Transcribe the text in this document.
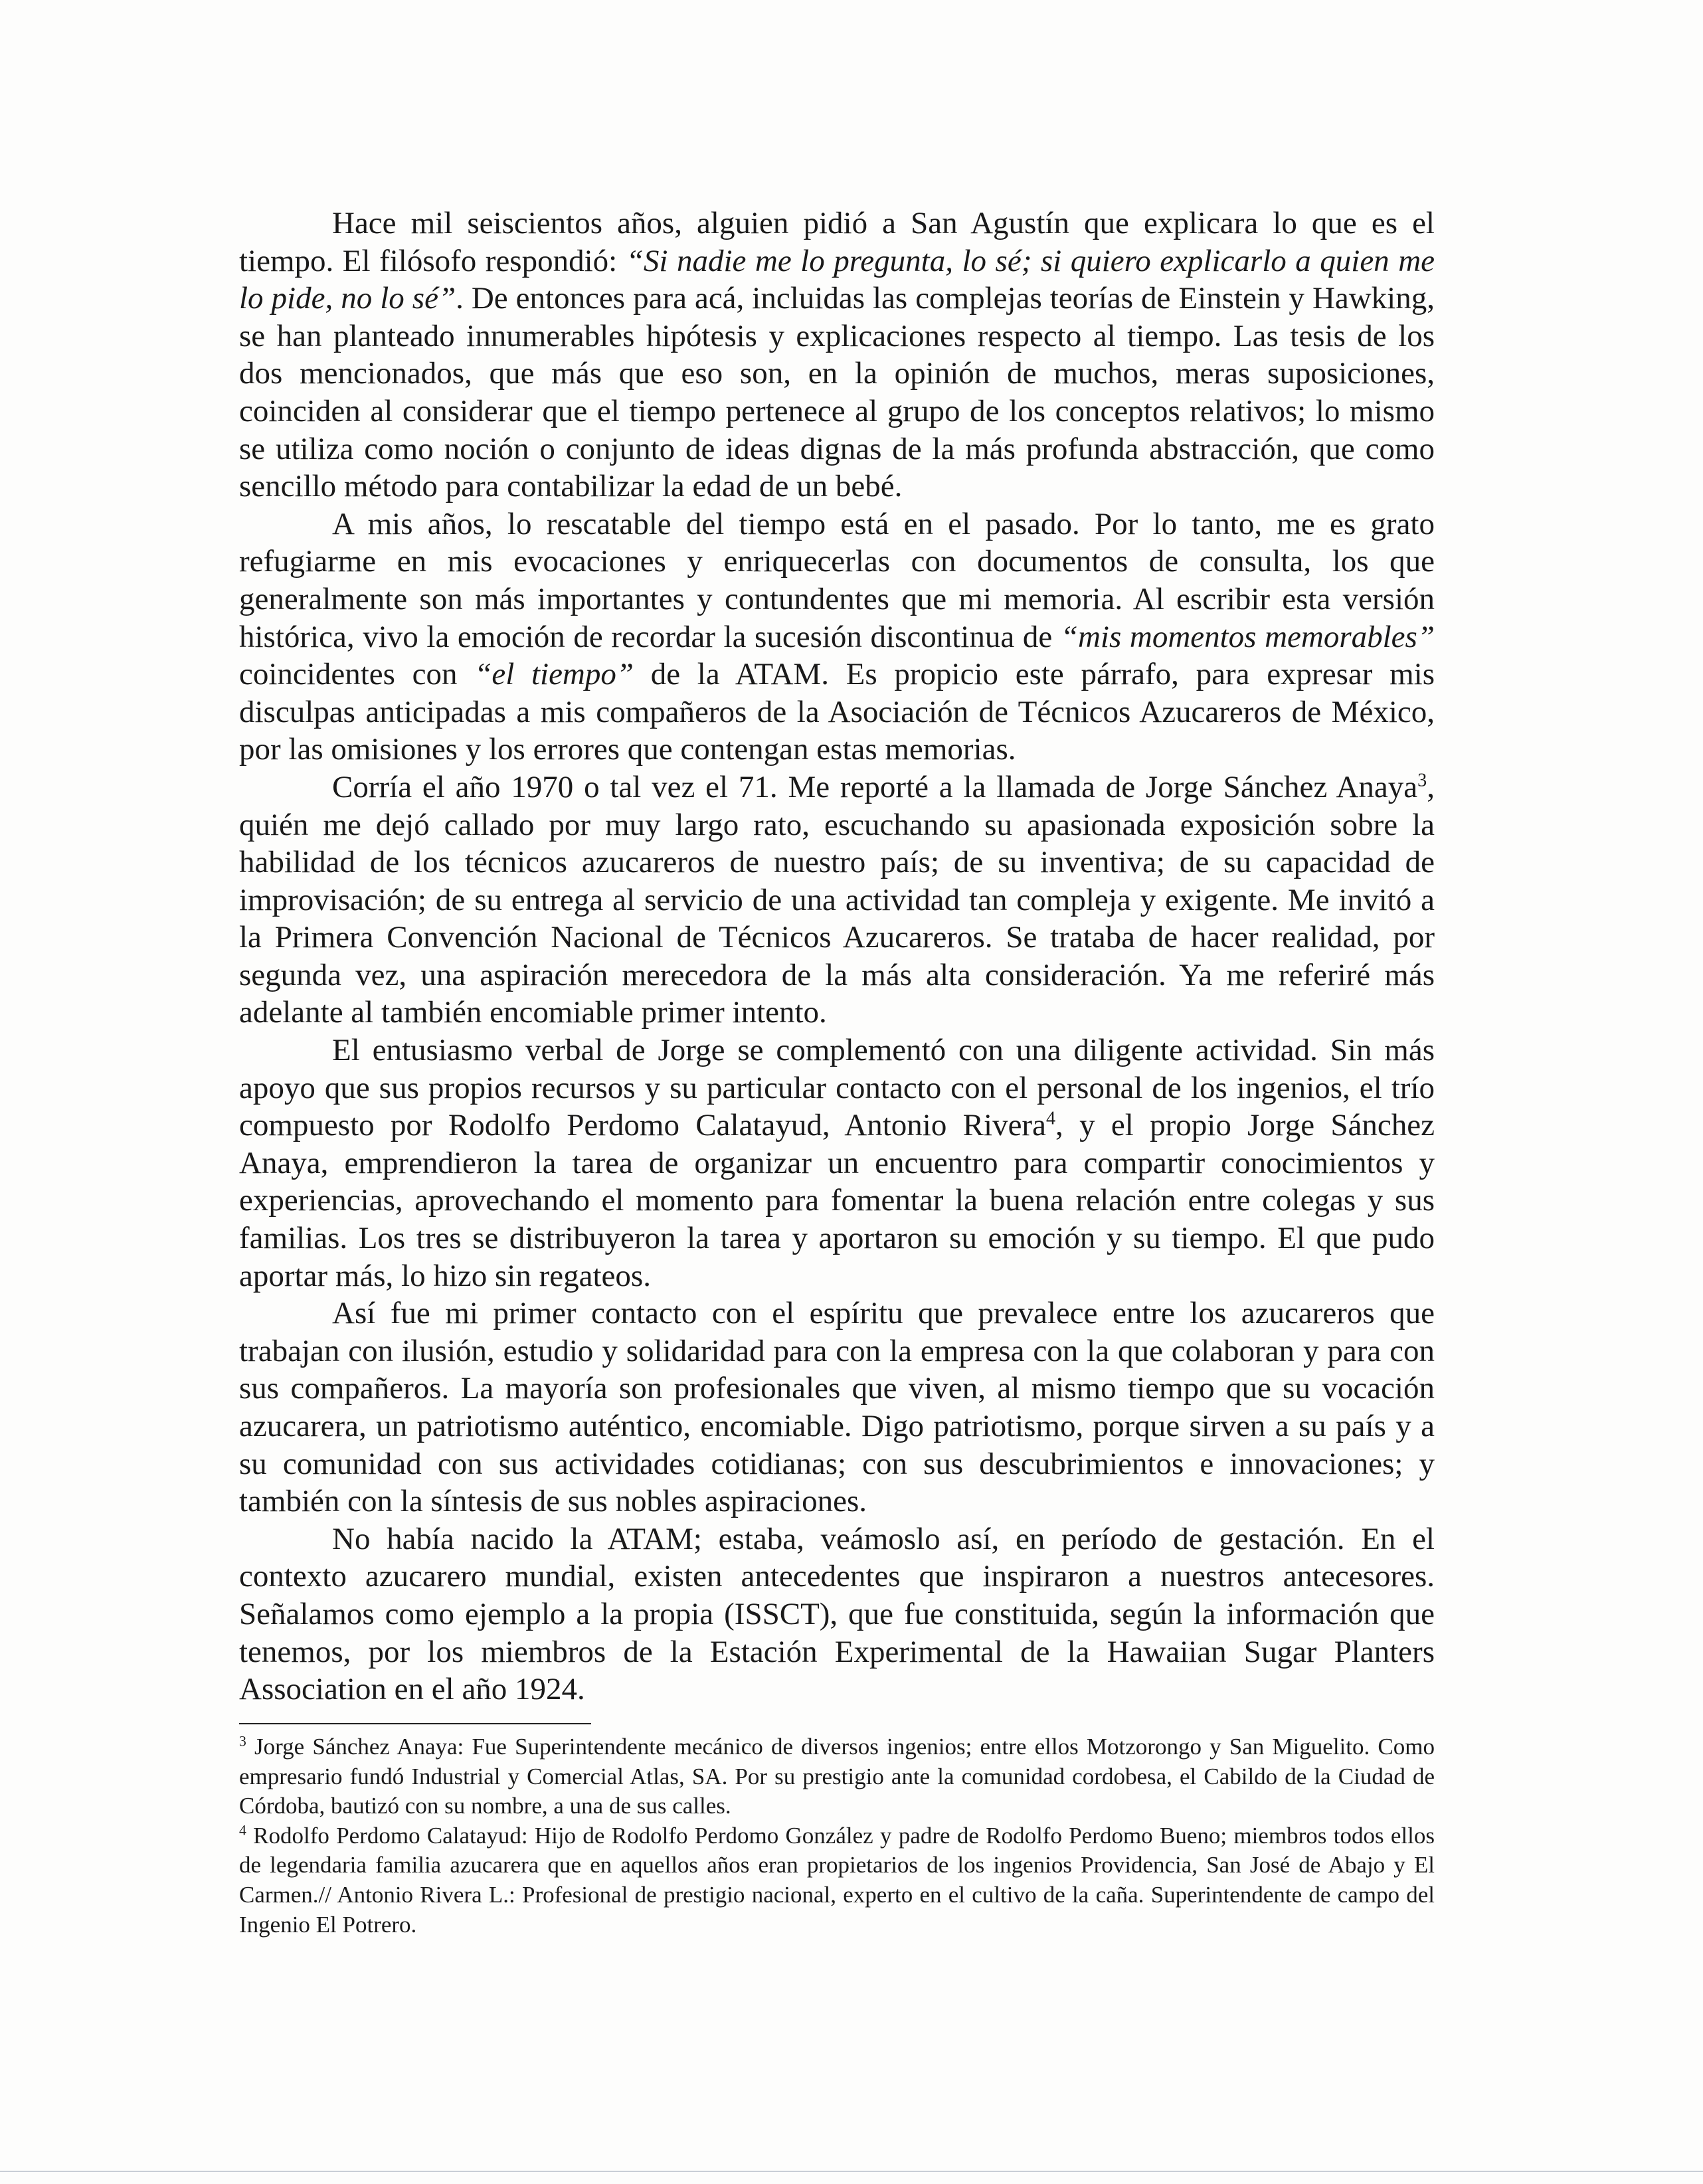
Hace mil seiscientos años, alguien pidió a San Agustín que explicara lo que es el tiempo. El filósofo respondió: “Si nadie me lo pregunta, lo sé; si quiero explicarlo a quien me lo pide, no lo sé”. De entonces para acá, incluidas las complejas teorías de Einstein y Hawking, se han planteado innumerables hipótesis y explicaciones respecto al tiempo. Las tesis de los dos mencionados, que más que eso son, en la opinión de muchos, meras suposiciones, coinciden al considerar que el tiempo pertenece al grupo de los conceptos relativos; lo mismo se utiliza como noción o conjunto de ideas dignas de la más profunda abstracción, que como sencillo método para contabilizar la edad de un bebé.

A mis años, lo rescatable del tiempo está en el pasado. Por lo tanto, me es grato refugiarme en mis evocaciones y enriquecerlas con documentos de consulta, los que generalmente son más importantes y contundentes que mi memoria. Al escribir esta versión histórica, vivo la emoción de recordar la sucesión discontinua de “mis momentos memorables” coincidentes con “el tiempo” de la ATAM. Es propicio este párrafo, para expresar mis disculpas anticipadas a mis compañeros de la Asociación de Técnicos Azucareros de México, por las omisiones y los errores que contengan estas memorias.

Corría el año 1970 o tal vez el 71. Me reporté a la llamada de Jorge Sánchez Anaya$^3$, quién me dejó callado por muy largo rato, escuchando su apasionada exposición sobre la habilidad de los técnicos azucareros de nuestro país; de su inventiva; de su capacidad de improvisación; de su entrega al servicio de una actividad tan compleja y exigente. Me invitó a la Primera Convención Nacional de Técnicos Azucareros. Se trataba de hacer realidad, por segunda vez, una aspiración merecedora de la más alta consideración. Ya me referiré más adelante al también encomiable primer intento.

El entusiasmo verbal de Jorge se complementó con una diligente actividad. Sin más apoyo que sus propios recursos y su particular contacto con el personal de los ingenios, el trío compuesto por Rodolfo Perdomo Calatayud, Antonio Rivera$^4$, y el propio Jorge Sánchez Anaya, emprendieron la tarea de organizar un encuentro para compartir conocimientos y experiencias, aprovechando el momento para fomentar la buena relación entre colegas y sus familias. Los tres se distribuyeron la tarea y aportaron su emoción y su tiempo. El que pudo aportar más, lo hizo sin regateos.

Así fue mi primer contacto con el espíritu que prevalece entre los azucareros que trabajan con ilusión, estudio y solidaridad para con la empresa con la que colaboran y para con sus compañeros. La mayoría son profesionales que viven, al mismo tiempo que su vocación azucarera, un patriotismo auténtico, encomiable. Digo patriotismo, porque sirven a su país y a su comunidad con sus actividades cotidianas; con sus descubrimientos e innovaciones; y también con la síntesis de sus nobles aspiraciones.

No había nacido la ATAM; estaba, veámoslo así, en período de gestación. En el contexto azucarero mundial, existen antecedentes que inspiraron a nuestros antecesores. Señalamos como ejemplo a la propia (ISSCT), que fue constituida, según la información que tenemos, por los miembros de la Estación Experimental de la Hawaiian Sugar Planters Association en el año 1924.

$^3$ Jorge Sánchez Anaya: Fue Superintendente mecánico de diversos ingenios; entre ellos Motzorongo y San Miguelito. Como empresario fundó Industrial y Comercial Atlas, SA. Por su prestigio ante la comunidad cordobesa, el Cabildo de la Ciudad de Córdoba, bautizó con su nombre, a una de sus calles.

$^4$ Rodolfo Perdomo Calatayud: Hijo de Rodolfo Perdomo González y padre de Rodolfo Perdomo Bueno; miembros todos ellos de legendaria familia azucarera que en aquellos años eran propietarios de los ingenios Providencia, San José de Abajo y El Carmen.// Antonio Rivera L.: Profesional de prestigio nacional, experto en el cultivo de la caña. Superintendente de campo del Ingenio El Potrero.
